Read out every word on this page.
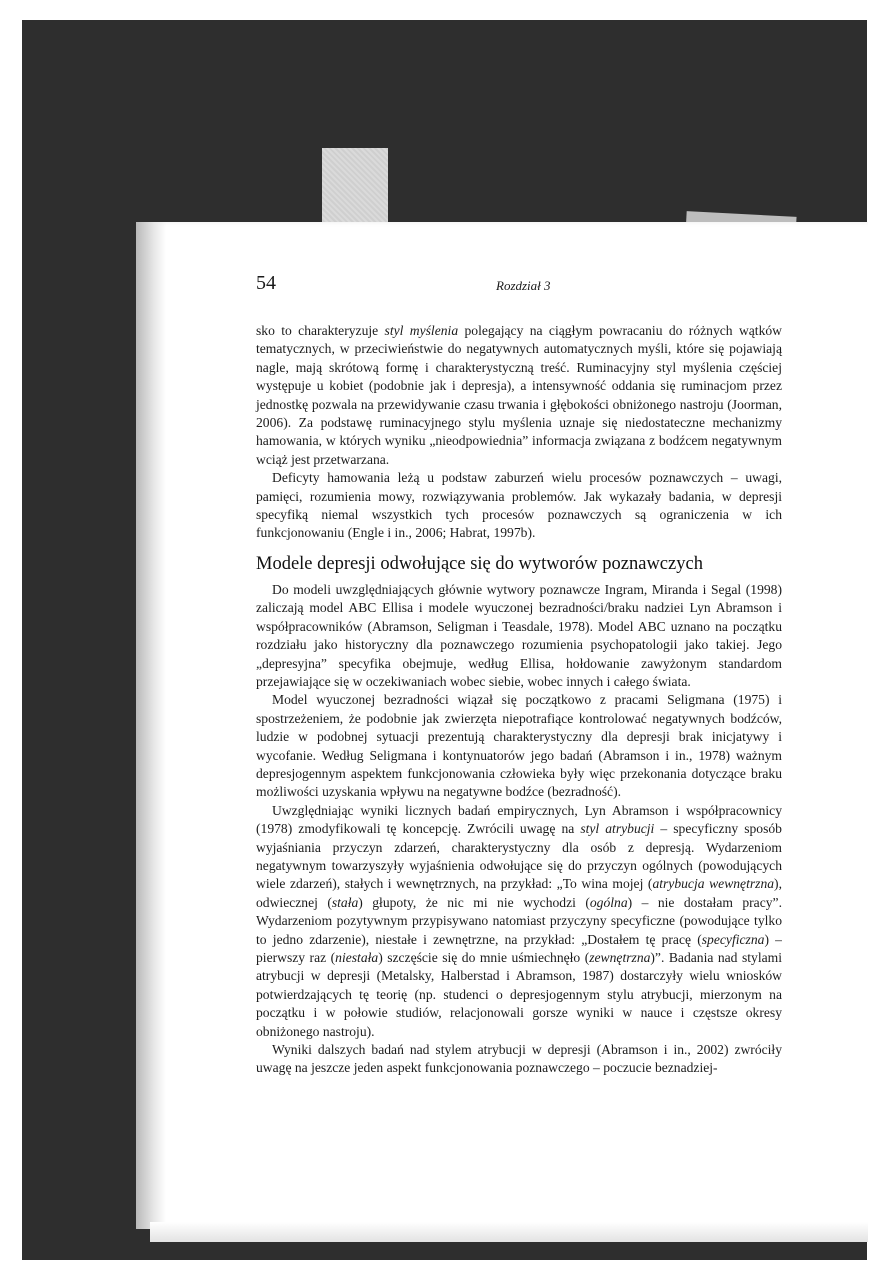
54	Rozdział 3

sko to charakteryzuje styl myślenia polegający na ciągłym powracaniu do różnych wątków tematycznych, w przeciwieństwie do negatywnych automatycznych myśli, które się pojawiają nagle, mają skrótową formę i charakterystyczną treść. Ruminacyjny styl myślenia częściej występuje u kobiet (podobnie jak i depresja), a intensywność oddania się ruminacjom przez jednostkę pozwala na przewidywanie czasu trwania i głębokości obniżonego nastroju (Joorman, 2006). Za podstawę ruminacyjnego stylu myślenia uznaje się niedostateczne mechanizmy hamowania, w których wyniku „nieodpowiednia” informacja związana z bodźcem negatywnym wciąż jest przetwarzana.

Deficyty hamowania leżą u podstaw zaburzeń wielu procesów poznawczych – uwagi, pamięci, rozumienia mowy, rozwiązywania problemów. Jak wykazały badania, w depresji specyfiką niemal wszystkich tych procesów poznawczych są ograniczenia w ich funkcjonowaniu (Engle i in., 2006; Habrat, 1997b).

Modele depresji odwołujące się do wytworów poznawczych

Do modeli uwzględniających głównie wytwory poznawcze Ingram, Miranda i Segal (1998) zaliczają model ABC Ellisa i modele wyuczonej bezradności/braku nadziei Lyn Abramson i współpracowników (Abramson, Seligman i Teasdale, 1978). Model ABC uznano na początku rozdziału jako historyczny dla poznawczego rozumienia psychopatologii jako takiej. Jego „depresyjna” specyfika obejmuje, według Ellisa, hołdowanie zawyżonym standardom przejawiające się w oczekiwaniach wobec siebie, wobec innych i całego świata.

Model wyuczonej bezradności wiązał się początkowo z pracami Seligmana (1975) i spostrzeżeniem, że podobnie jak zwierzęta niepotrafiące kontrolować negatywnych bodźców, ludzie w podobnej sytuacji prezentują charakterystyczny dla depresji brak inicjatywy i wycofanie. Według Seligmana i kontynuatorów jego badań (Abramson i in., 1978) ważnym depresjogennym aspektem funkcjonowania człowieka były więc przekonania dotyczące braku możliwości uzyskania wpływu na negatywne bodźce (bezradność).

Uwzględniając wyniki licznych badań empirycznych, Lyn Abramson i współpracownicy (1978) zmodyfikowali tę koncepcję. Zwrócili uwagę na styl atrybucji – specyficzny sposób wyjaśniania przyczyn zdarzeń, charakterystyczny dla osób z depresją. Wydarzeniom negatywnym towarzyszyły wyjaśnienia odwołujące się do przyczyn ogólnych (powodujących wiele zdarzeń), stałych i wewnętrznych, na przykład: „To wina mojej (atrybucja wewnętrzna), odwiecznej (stała) głupoty, że nic mi nie wychodzi (ogólna) – nie dostałam pracy”. Wydarzeniom pozytywnym przypisywano natomiast przyczyny specyficzne (powodujące tylko to jedno zdarzenie), niestałe i zewnętrzne, na przykład: „Dostałem tę pracę (specyficzna) – pierwszy raz (niestała) szczęście się do mnie uśmiechnęło (zewnętrzna)”. Badania nad stylami atrybucji w depresji (Metalsky, Halberstad i Abramson, 1987) dostarczyły wielu wniosków potwierdzających tę teorię (np. studenci o depresjogennym stylu atrybucji, mierzonym na początku i w połowie studiów, relacjonowali gorsze wyniki w nauce i częstsze okresy obniżonego nastroju).

Wyniki dalszych badań nad stylem atrybucji w depresji (Abramson i in., 2002) zwróciły uwagę na jeszcze jeden aspekt funkcjonowania poznawczego – poczucie beznadziej-
